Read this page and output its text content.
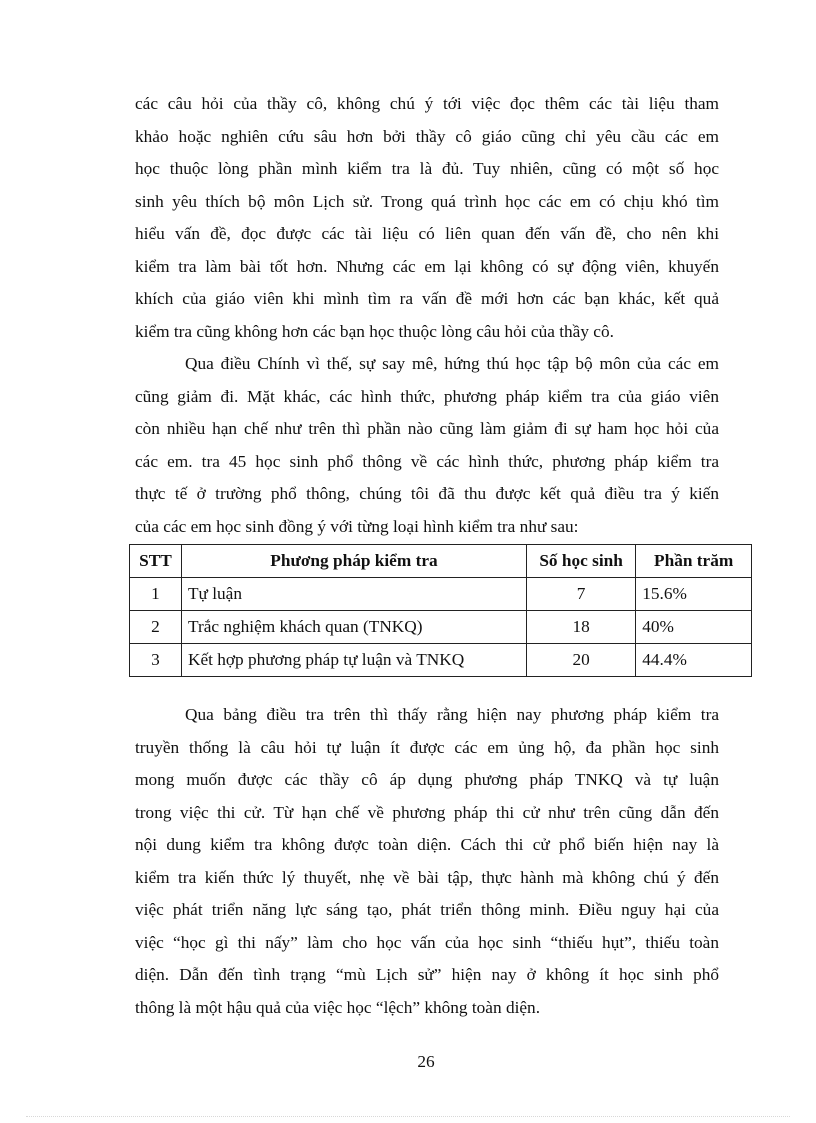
các câu hỏi của thầy cô, không chú ý tới việc đọc thêm các tài liệu tham
khảo hoặc nghiên cứu sâu hơn bởi thầy cô giáo cũng chỉ yêu cầu các em
học thuộc lòng phần mình kiểm tra là đủ. Tuy nhiên, cũng có một số học
sinh yêu thích bộ môn Lịch sử. Trong quá trình học các em có chịu khó tìm
hiểu vấn đề, đọc được các tài liệu có liên quan đến vấn đề, cho nên khi
kiểm tra làm bài tốt hơn. Nhưng các em lại không có sự động viên, khuyến
khích của giáo viên khi mình tìm ra vấn đề mới hơn các bạn khác, kết quả
kiểm tra cũng không hơn các bạn học thuộc lòng câu hỏi của thầy cô.
Qua điều Chính vì thế, sự say mê, hứng thú học tập bộ môn của các em
cũng giảm đi. Mặt khác, các hình thức, phương pháp kiểm tra của giáo viên
còn nhiều hạn chế như trên thì phần nào cũng làm giảm đi sự ham học hỏi của
các em. tra 45 học sinh phổ thông về các hình thức, phương pháp kiểm tra
thực tế ở trường phổ thông, chúng tôi đã thu được kết quả điều tra ý kiến
của các em học sinh đồng ý với từng loại hình kiểm tra như sau:
STT	Phương pháp kiểm tra	Số học sinh	Phần trăm
1	Tự luận	7	15.6%
2	Trắc nghiệm khách quan (TNKQ)	18	40%
3	Kết hợp phương pháp tự luận và TNKQ	20	44.4%
Qua bảng điều tra trên thì thấy rằng hiện nay phương pháp kiểm tra
truyền thống là câu hỏi tự luận ít được các em ủng hộ, đa phần học sinh
mong muốn được các thầy cô áp dụng phương pháp TNKQ và tự luận
trong việc thi cử. Từ hạn chế về phương pháp thi cử như trên cũng dẫn đến
nội dung kiểm tra không được toàn diện. Cách thi cử phổ biến hiện nay là
kiểm tra kiến thức lý thuyết, nhẹ về bài tập, thực hành mà không chú ý đến
việc phát triển năng lực sáng tạo, phát triển thông minh. Điều nguy hại của
việc “học gì thi nấy” làm cho học vấn của học sinh “thiếu hụt”, thiếu toàn
diện. Dẫn đến tình trạng “mù Lịch sử” hiện nay ở không ít học sinh phổ
thông là một hậu quả của việc học “lệch” không toàn diện.
26
